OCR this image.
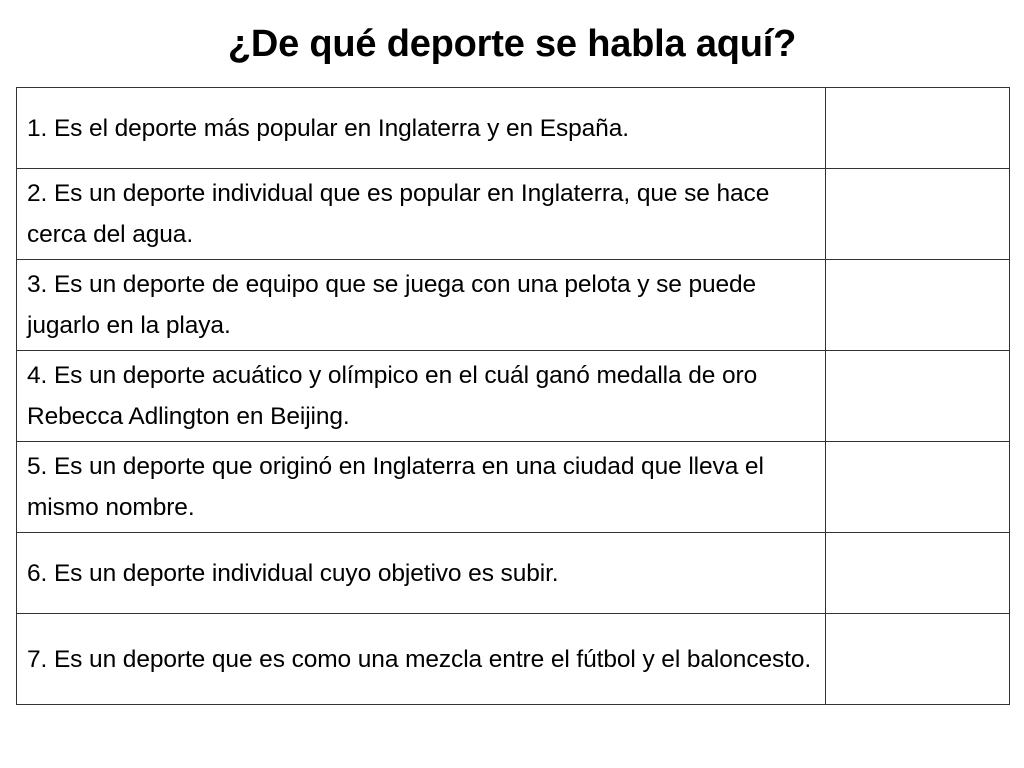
¿De qué deporte se habla aquí?
1. Es el deporte más popular en Inglaterra y en España.	
2. Es un deporte individual que es popular en Inglaterra, que se hace cerca del agua.	
3. Es un deporte de equipo que se juega con una pelota y se puede jugarlo en la playa.	
4. Es un deporte acuático y olímpico en el cuál ganó medalla de oro Rebecca Adlington en Beijing.	
5. Es un deporte que originó en Inglaterra en una ciudad que lleva el mismo nombre.	
6. Es un deporte individual cuyo objetivo es subir.	
7. Es un deporte que es como una mezcla entre el fútbol y el baloncesto.	
